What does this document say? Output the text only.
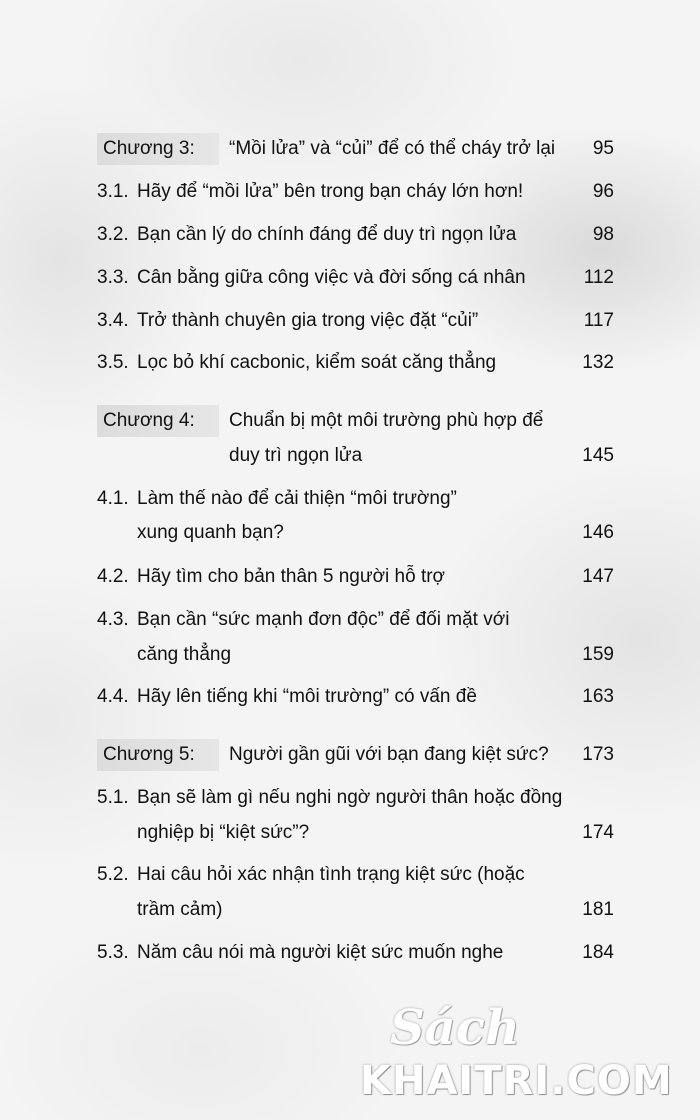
Chương 3:	“Mồi lửa” và “củi” để có thể cháy trở lại 95
3.1. Hãy để “mồi lửa” bên trong bạn cháy lớn hơn!	96
3.2. Bạn cần lý do chính đáng để duy trì ngọn lửa	98
3.3. Cân bằng giữa công việc và đời sống cá nhân	112
3.4. Trở thành chuyên gia trong việc đặt “củi”	117
3.5. Lọc bỏ khí cacbonic, kiểm soát căng thẳng	132
Chương 4:	Chuẩn bị một môi trường phù hợp để
duy trì ngọn lửa	145
4.1. Làm thế nào để cải thiện “môi trường”
xung quanh bạn?	146
4.2. Hãy tìm cho bản thân 5 người hỗ trợ	147
4.3. Bạn cần “sức mạnh đơn độc” để đối mặt với
căng thẳng	159
4.4. Hãy lên tiếng khi “môi trường” có vấn đề	163
Chương 5:	Người gần gũi với bạn đang kiệt sức? 173
5.1. Bạn sẽ làm gì nếu nghi ngờ người thân hoặc đồng
nghiệp bị “kiệt sức”?	174
5.2. Hai câu hỏi xác nhận tình trạng kiệt sức (hoặc
trầm cảm)	181
5.3. Năm câu nói mà người kiệt sức muốn nghe	184
Sách
KHAITRI.COM
